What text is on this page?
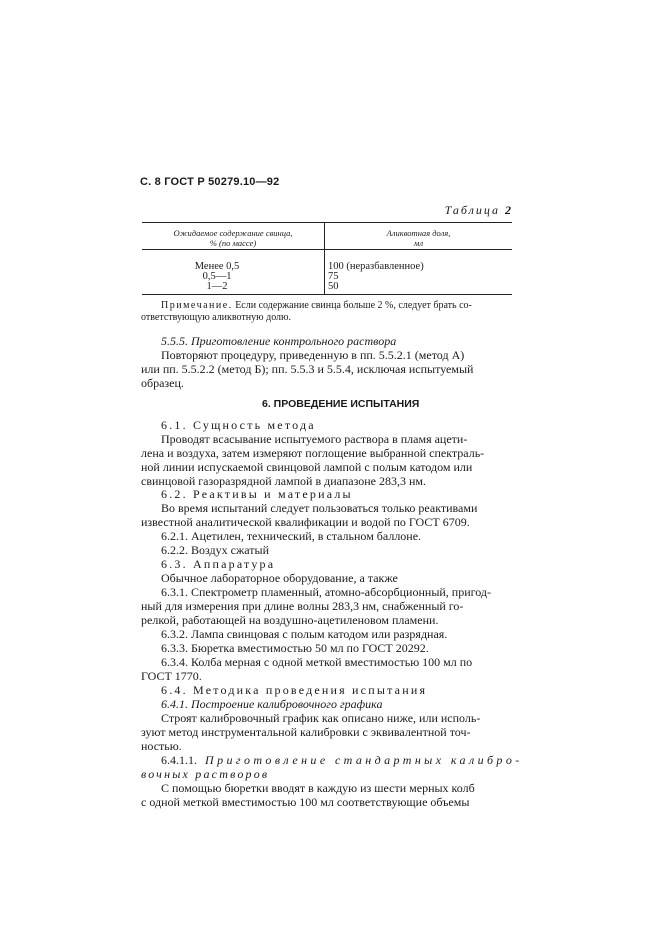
С. 8 ГОСТ Р 50279.10—92
Таблица 2
Ожидаемое содержание свинца,
% (по массе)
Аликвотная доля,
мл
Менее 0,5
0,5—1
1—2
100 (неразбавленное)
75
50
Примечание. Если содержание свинца больше 2 %, следует брать со-
ответствующую аликвотную долю.
5.5.5. Приготовление контрольного раствора
Повторяют процедуру, приведенную в пп. 5.5.2.1 (метод А)
или пп. 5.5.2.2 (метод Б); пп. 5.5.3 и 5.5.4, исключая испытуемый
образец.
6. ПРОВЕДЕНИЕ ИСПЫТАНИЯ
6.1. Сущность метода
Проводят всасывание испытуемого раствора в пламя ацети-
лена и воздуха, затем измеряют поглощение выбранной спектраль-
ной линии испускаемой свинцовой лампой с полым катодом или
свинцовой газоразрядной лампой в диапазоне 283,3 нм.
6.2. Реактивы и материалы
Во время испытаний следует пользоваться только реактивами
известной аналитической квалификации и водой по ГОСТ 6709.
6.2.1. Ацетилен, технический, в стальном баллоне.
6.2.2. Воздух сжатый
6.3. Аппаратура
Обычное лабораторное оборудование, а также
6.3.1. Спектрометр пламенный, атомно-абсорбционный, пригод-
ный для измерения при длине волны 283,3 нм, снабженный го-
релкой, работающей на воздушно-ацетиленовом пламени.
6.3.2. Лампа свинцовая с полым катодом или разрядная.
6.3.3. Бюретка вместимостью 50 мл по ГОСТ 20292.
6.3.4. Колба мерная с одной меткой вместимостью 100 мл по
ГОСТ 1770.
6.4. Методика проведения испытания
6.4.1. Построение калибровочного графика
Строят калибровочный график как описано ниже, или исполь-
зуют метод инструментальной калибровки с эквивалентной точ-
ностью.
6.4.1.1. Приготовление стандартных калибро-
вочных растворов
С помощью бюретки вводят в каждую из шести мерных колб
с одной меткой вместимостью 100 мл соответствующие объемы
